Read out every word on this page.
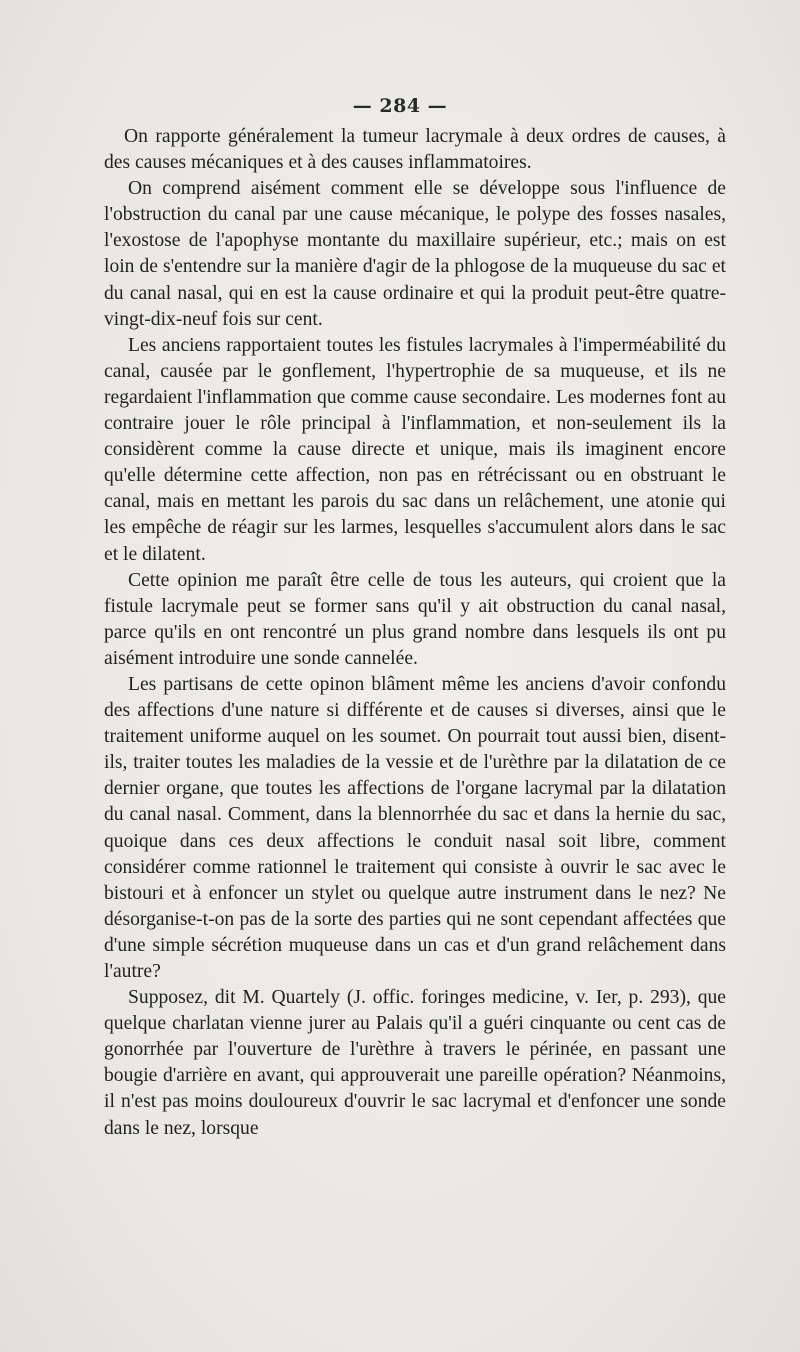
— 284 —

On rapporte généralement la tumeur lacrymale à deux ordres de causes, à des causes mécaniques et à des causes inflammatoires.

On comprend aisément comment elle se développe sous l'influence de l'obstruction du canal par une cause mécanique, le polype des fosses nasales, l'exostose de l'apophyse montante du maxillaire supérieur, etc.; mais on est loin de s'entendre sur la manière d'agir de la phlogose de la muqueuse du sac et du canal nasal, qui en est la cause ordinaire et qui la produit peut-être quatre-vingt-dix-neuf fois sur cent.

Les anciens rapportaient toutes les fistules lacrymales à l'imperméabilité du canal, causée par le gonflement, l'hypertrophie de sa muqueuse, et ils ne regardaient l'inflammation que comme cause secondaire. Les modernes font au contraire jouer le rôle principal à l'inflammation, et non-seulement ils la considèrent comme la cause directe et unique, mais ils imaginent encore qu'elle détermine cette affection, non pas en rétrécissant ou en obstruant le canal, mais en mettant les parois du sac dans un relâchement, une atonie qui les empêche de réagir sur les larmes, lesquelles s'accumulent alors dans le sac et le dilatent.

Cette opinion me paraît être celle de tous les auteurs, qui croient que la fistule lacrymale peut se former sans qu'il y ait obstruction du canal nasal, parce qu'ils en ont rencontré un plus grand nombre dans lesquels ils ont pu aisément introduire une sonde cannelée.

Les partisans de cette opinon blâment même les anciens d'avoir confondu des affections d'une nature si différente et de causes si diverses, ainsi que le traitement uniforme auquel on les soumet. On pourrait tout aussi bien, disent-ils, traiter toutes les maladies de la vessie et de l'urèthre par la dilatation de ce dernier organe, que toutes les affections de l'organe lacrymal par la dilatation du canal nasal. Comment, dans la blennorrhée du sac et dans la hernie du sac, quoique dans ces deux affections le conduit nasal soit libre, comment considérer comme rationnel le traitement qui consiste à ouvrir le sac avec le bistouri et à enfoncer un stylet ou quelque autre instrument dans le nez? Ne désorganise-t-on pas de la sorte des parties qui ne sont cependant affectées que d'une simple sécrétion muqueuse dans un cas et d'un grand relâchement dans l'autre?

Supposez, dit M. Quartely (J. offic. foringes medicine, v. Ier, p. 293), que quelque charlatan vienne jurer au Palais qu'il a guéri cinquante ou cent cas de gonorrhée par l'ouverture de l'urèthre à travers le périnée, en passant une bougie d'arrière en avant, qui approuverait une pareille opération? Néanmoins, il n'est pas moins douloureux d'ouvrir le sac lacrymal et d'enfoncer une sonde dans le nez, lorsque
